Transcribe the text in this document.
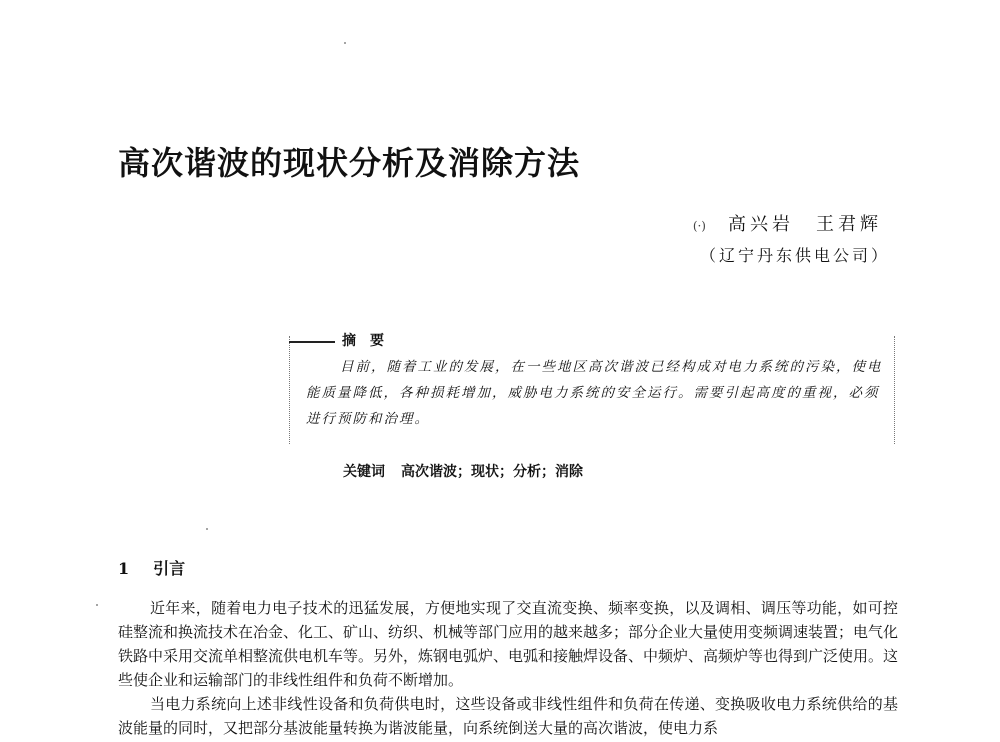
高次谐波的现状分析及消除方法
(·) 高兴岩　王君辉
（辽宁丹东供电公司）
摘要
目前，随着工业的发展，在一些地区高次谐波已经构成对电力系统的污染，使电能质量降低，各种损耗增加，威胁电力系统的安全运行。需要引起高度的重视，必须进行预防和治理。
关键词 高次谐波；现状；分析；消除
1 引言

近年来，随着电力电子技术的迅猛发展，方便地实现了交直流变换、频率变换，以及调相、调压等功能，如可控硅整流和换流技术在冶金、化工、矿山、纺织、机械等部门应用的越来越多；部分企业大量使用变频调速装置；电气化铁路中采用交流单相整流供电机车等。另外，炼钢电弧炉、电弧和接触焊设备、中频炉、高频炉等也得到广泛使用。这些使企业和运输部门的非线性组件和负荷不断增加。

当电力系统向上述非线性设备和负荷供电时，这些设备或非线性组件和负荷在传递、变换吸收电力系统供给的基波能量的同时，又把部分基波能量转换为谐波能量，向系统倒送大量的高次谐波，使电力系
